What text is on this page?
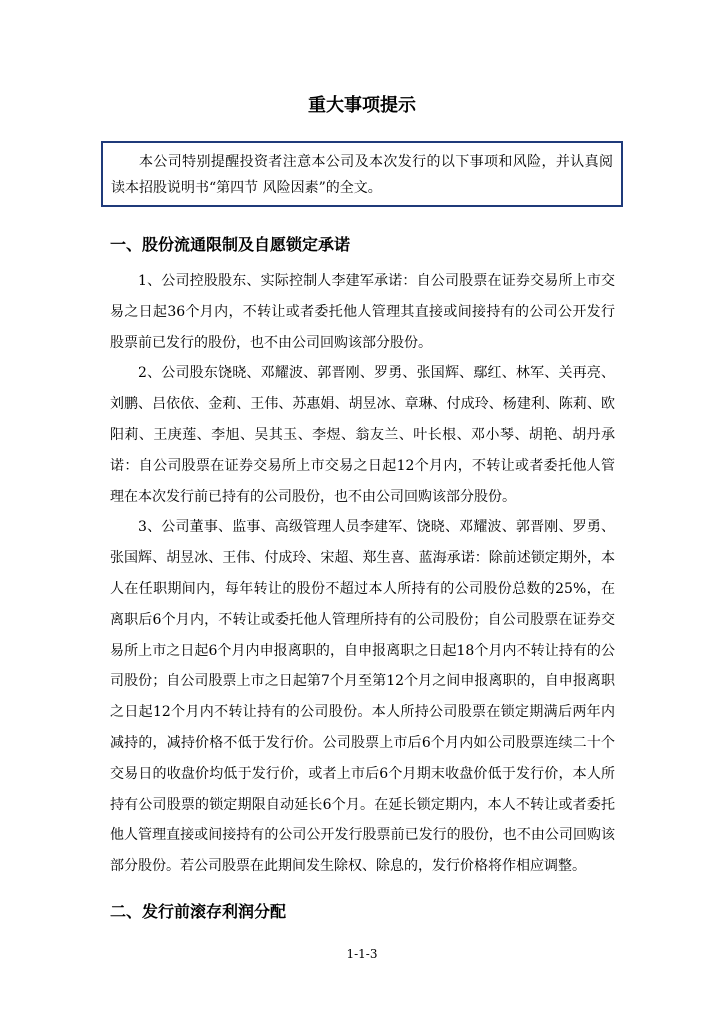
重大事项提示

本公司特别提醒投资者注意本公司及本次发行的以下事项和风险，并认真阅读本招股说明书“第四节 风险因素”的全文。

一、股份流通限制及自愿锁定承诺

1、公司控股股东、实际控制人李建军承诺：自公司股票在证券交易所上市交易之日起36个月内，不转让或者委托他人管理其直接或间接持有的公司公开发行股票前已发行的股份，也不由公司回购该部分股份。

2、公司股东饶晓、邓耀波、郭晋刚、罗勇、张国辉、鄢红、林军、关再亮、刘鹏、吕依依、金莉、王伟、苏惠娟、胡昱冰、章琳、付成玲、杨建利、陈莉、欧阳莉、王庚莲、李旭、吴其玉、李煜、翁友兰、叶长根、邓小琴、胡艳、胡丹承诺：自公司股票在证券交易所上市交易之日起12个月内，不转让或者委托他人管理在本次发行前已持有的公司股份，也不由公司回购该部分股份。

3、公司董事、监事、高级管理人员李建军、饶晓、邓耀波、郭晋刚、罗勇、张国辉、胡昱冰、王伟、付成玲、宋超、郑生喜、蓝海承诺：除前述锁定期外，本人在任职期间内，每年转让的股份不超过本人所持有的公司股份总数的25%，在离职后6个月内，不转让或委托他人管理所持有的公司股份；自公司股票在证券交易所上市之日起6个月内申报离职的，自申报离职之日起18个月内不转让持有的公司股份；自公司股票上市之日起第7个月至第12个月之间申报离职的，自申报离职之日起12个月内不转让持有的公司股份。本人所持公司股票在锁定期满后两年内减持的，减持价格不低于发行价。公司股票上市后6个月内如公司股票连续二十个交易日的收盘价均低于发行价，或者上市后6个月期末收盘价低于发行价，本人所持有公司股票的锁定期限自动延长6个月。在延长锁定期内，本人不转让或者委托他人管理直接或间接持有的公司公开发行股票前已发行的股份，也不由公司回购该部分股份。若公司股票在此期间发生除权、除息的，发行价格将作相应调整。

二、发行前滚存利润分配

1-1-3
